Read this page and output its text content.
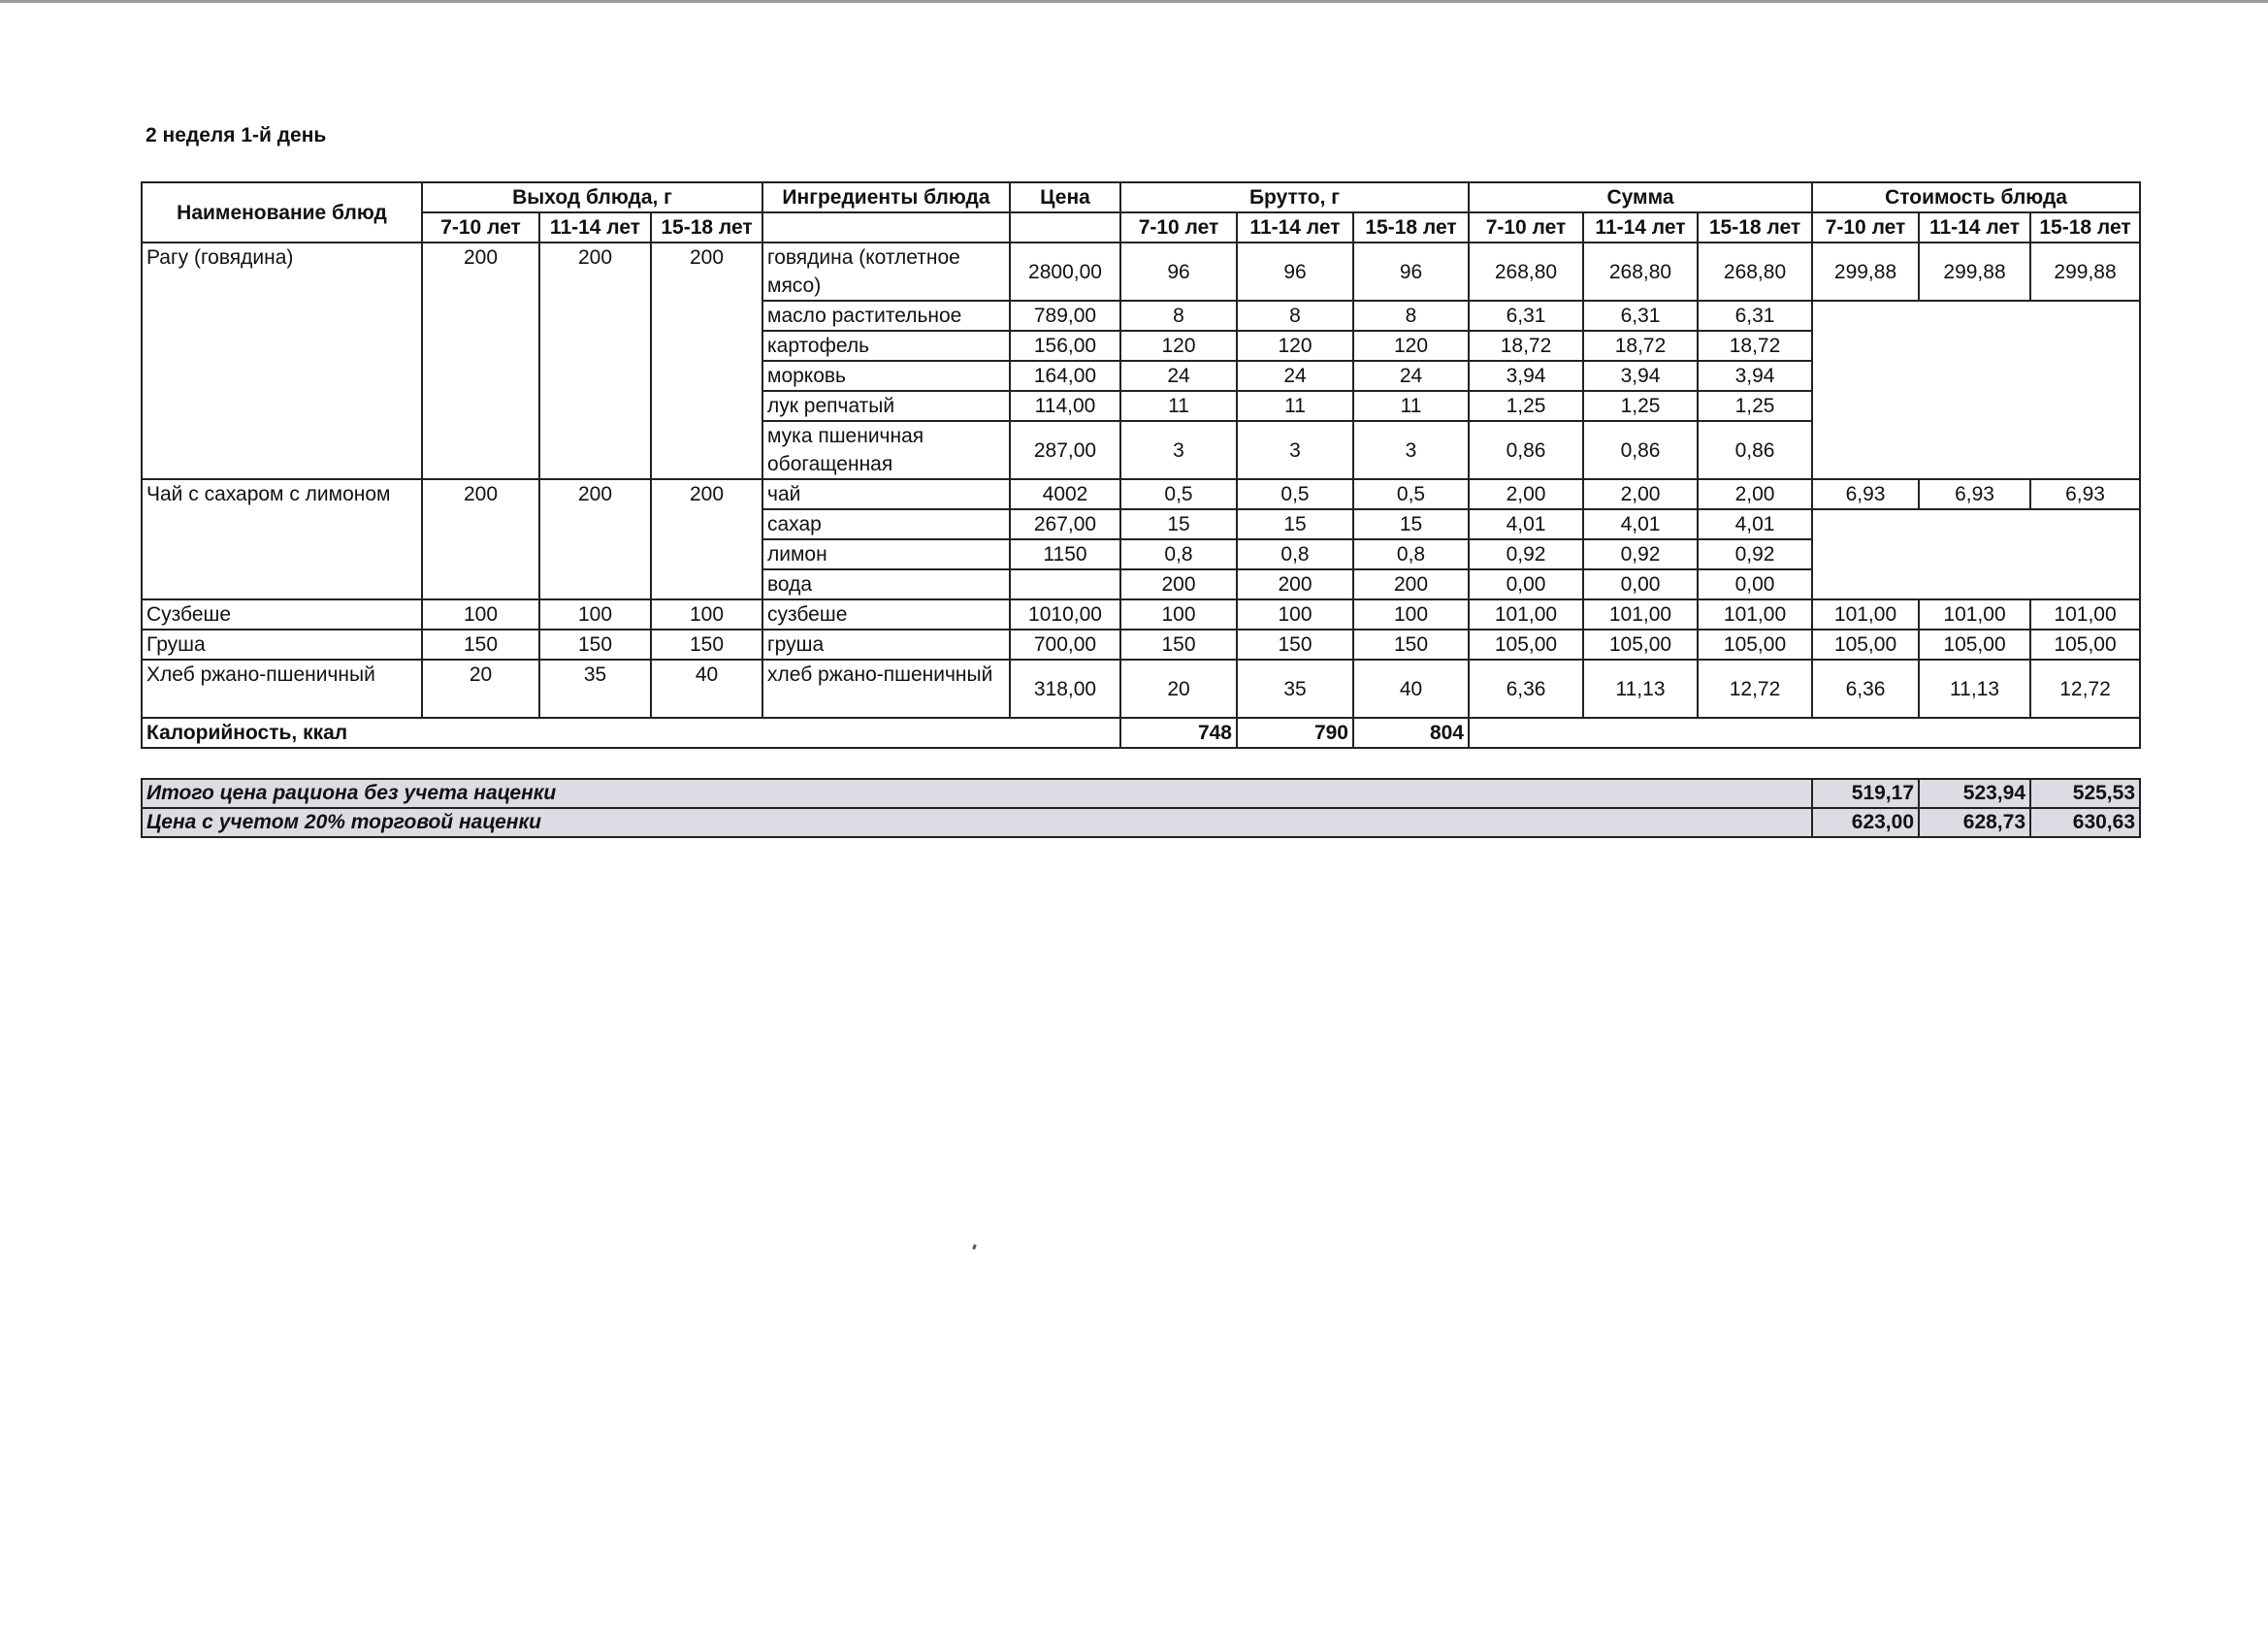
2 неделя 1-й день
Наименование блюд	Выход блюда, г			Ингредиенты блюда	Цена	Брутто, г			Сумма			Стоимость блюда		
	7-10 лет	11-14 лет	15-18 лет			7-10 лет	11-14 лет	15-18 лет	7-10 лет	11-14 лет	15-18 лет	7-10 лет	11-14 лет	15-18 лет
Рагу (говядина)	200	200	200	говядина (котлетное мясо)	2800,00	96	96	96	268,80	268,80	268,80	299,88	299,88	299,88
				масло растительное	789,00	8	8	8	6,31	6,31	6,31			
				картофель	156,00	120	120	120	18,72	18,72	18,72			
				морковь	164,00	24	24	24	3,94	3,94	3,94			
				лук репчатый	114,00	11	11	11	1,25	1,25	1,25			
				мука пшеничная обогащенная	287,00	3	3	3	0,86	0,86	0,86			
Чай с сахаром с лимоном	200	200	200	чай	4002	0,5	0,5	0,5	2,00	2,00	2,00	6,93	6,93	6,93
				сахар	267,00	15	15	15	4,01	4,01	4,01			
				лимон	1150	0,8	0,8	0,8	0,92	0,92	0,92			
				вода		200	200	200	0,00	0,00	0,00			
Сузбеше	100	100	100	сузбеше	1010,00	100	100	100	101,00	101,00	101,00	101,00	101,00	101,00
Груша	150	150	150	груша	700,00	150	150	150	105,00	105,00	105,00	105,00	105,00	105,00
Хлеб ржано-пшеничный	20	35	40	хлеб ржано-пшеничный	318,00	20	35	40	6,36	11,13	12,72	6,36	11,13	12,72
Калорийность, ккал						748	790	804						
Итого цена рациона без учета наценки	519,17	523,94	525,53
Цена с учетом 20% торговой наценки	623,00	628,73	630,63
